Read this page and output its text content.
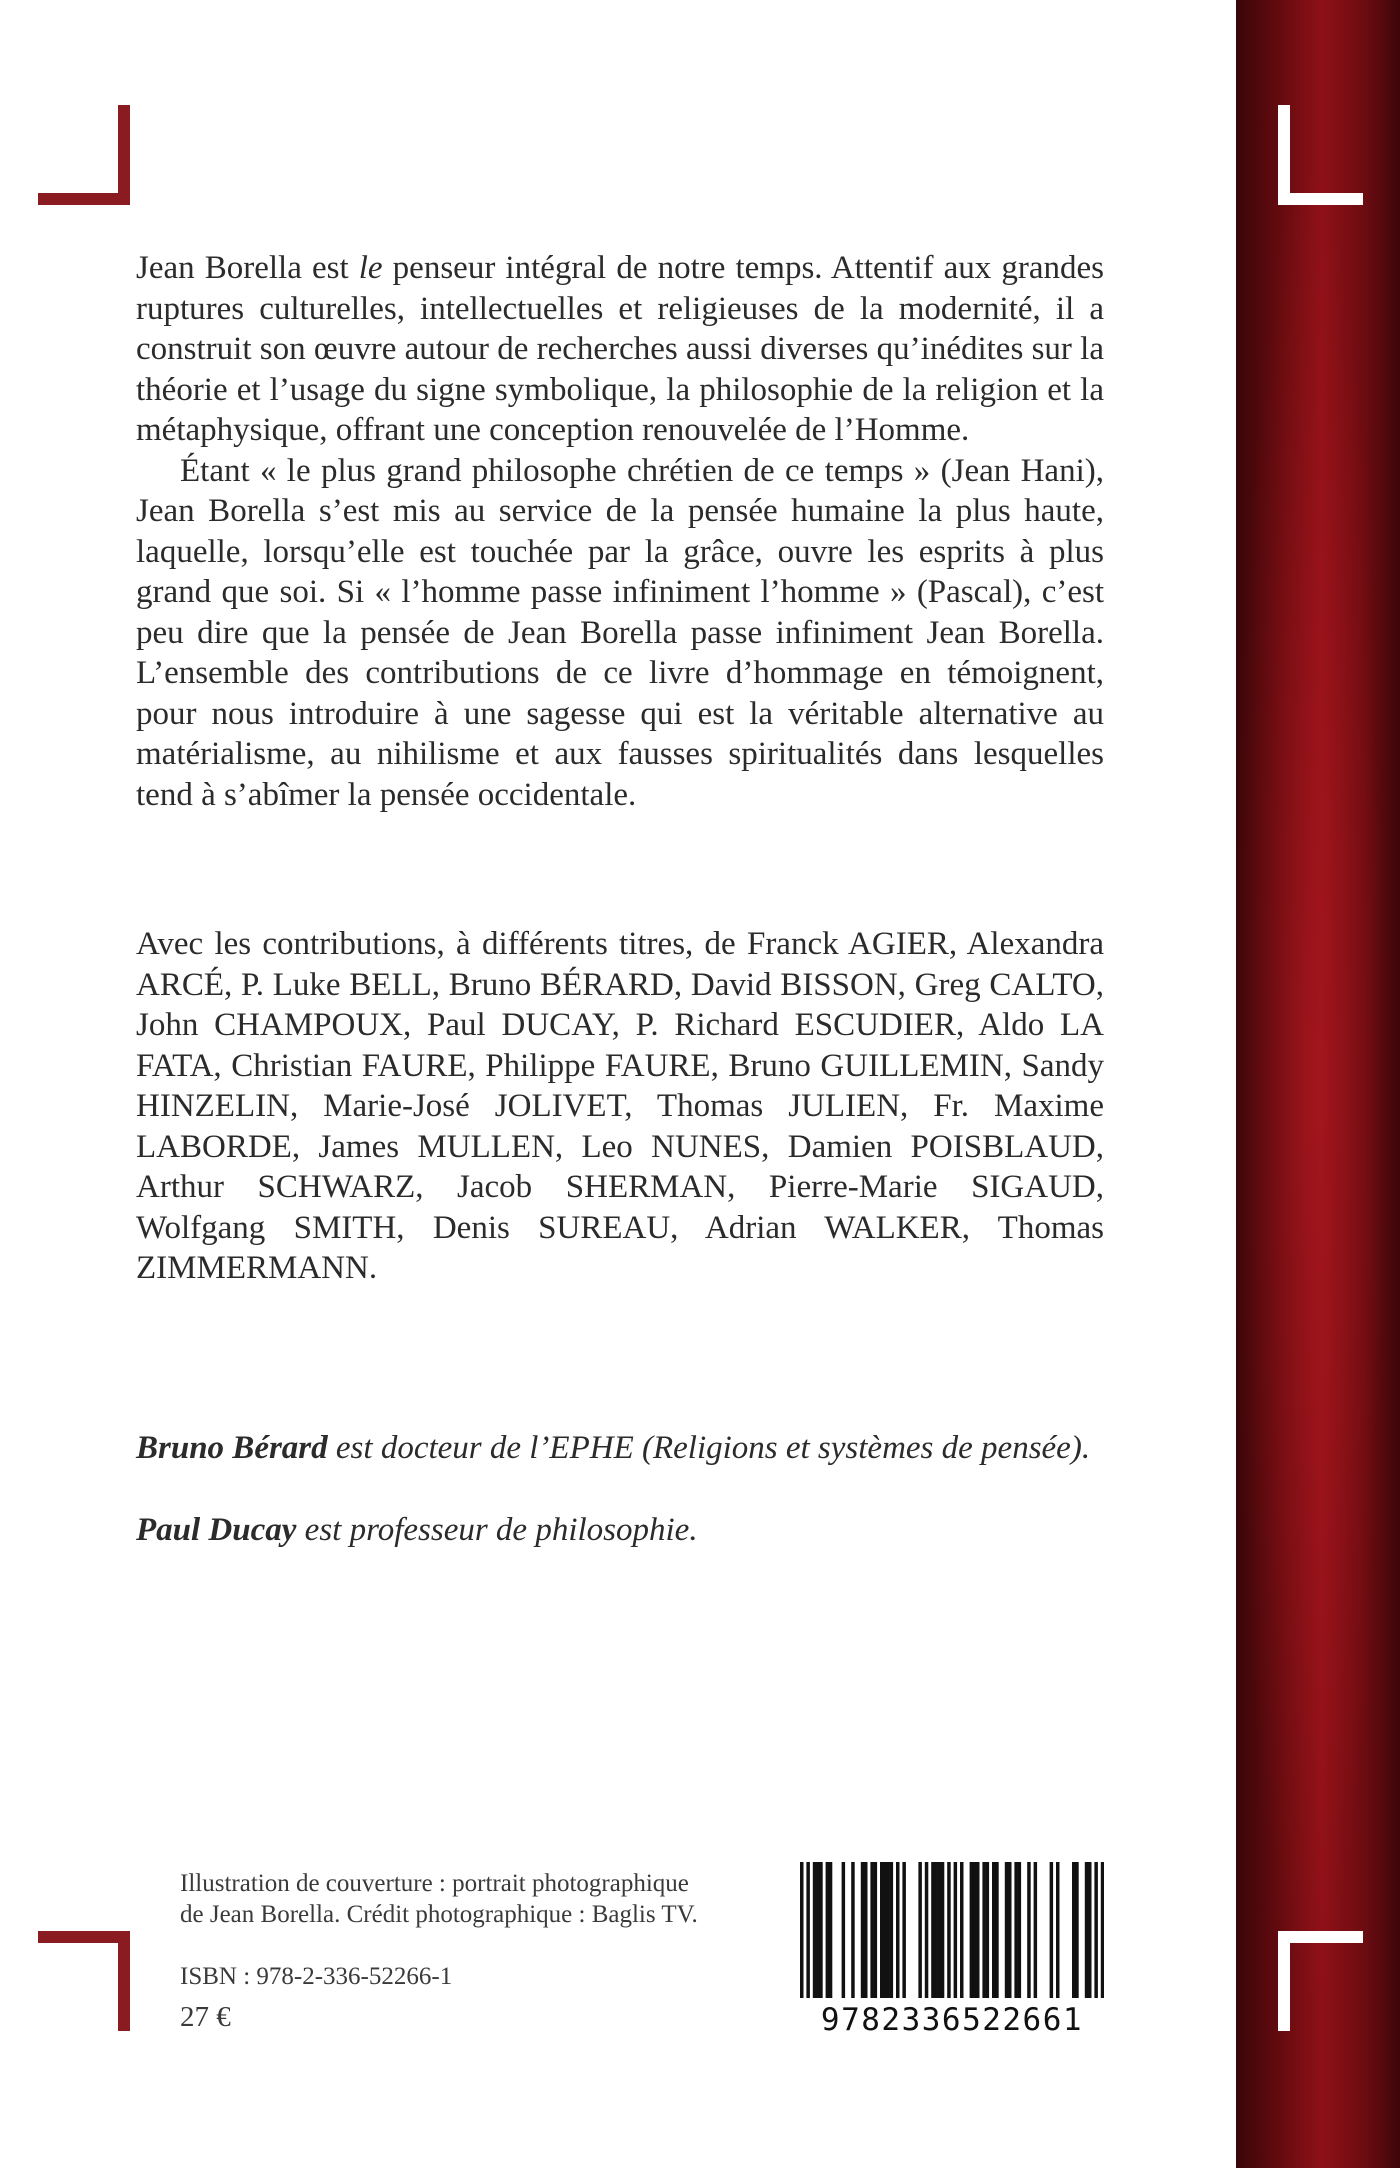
Jean Borella est le penseur intégral de notre temps. Attentif aux grandes ruptures culturelles, intellectuelles et religieuses de la modernité, il a construit son œuvre autour de recherches aussi diverses qu’inédites sur la théorie et l’usage du signe symbolique, la philosophie de la religion et la métaphysique, offrant une conception renouvelée de l’Homme.

Étant « le plus grand philosophe chrétien de ce temps » (Jean Hani), Jean Borella s’est mis au service de la pensée humaine la plus haute, laquelle, lorsqu’elle est touchée par la grâce, ouvre les esprits à plus grand que soi. Si « l’homme passe infiniment l’homme » (Pascal), c’est peu dire que la pensée de Jean Borella passe infiniment Jean Borella. L’ensemble des contributions de ce livre d’hommage en témoignent, pour nous introduire à une sagesse qui est la véritable alternative au matérialisme, au nihilisme et aux fausses spiritualités dans lesquelles tend à s’abîmer la pensée occidentale.

Avec les contributions, à différents titres, de Franck AGIER, Alexandra ARCÉ, P. Luke BELL, Bruno BÉRARD, David BISSON, Greg CALTO, John CHAMPOUX, Paul DUCAY, P. Richard ESCUDIER, Aldo LA FATA, Christian FAURE, Philippe FAURE, Bruno GUILLEMIN, Sandy HINZELIN, Marie-José JOLIVET, Thomas JULIEN, Fr. Maxime LABORDE, James MULLEN, Leo NUNES, Damien POISBLAUD, Arthur SCHWARZ, Jacob SHERMAN, Pierre-Marie SIGAUD, Wolfgang SMITH, Denis SUREAU, Adrian WALKER, Thomas ZIMMERMANN.

Bruno Bérard est docteur de l’EPHE (Religions et systèmes de pensée).

Paul Ducay est professeur de philosophie.

Illustration de couverture : portrait photographique
de Jean Borella. Crédit photographique : Baglis TV.
ISBN : 978-2-336-52266-1
27 €	9782336522661
